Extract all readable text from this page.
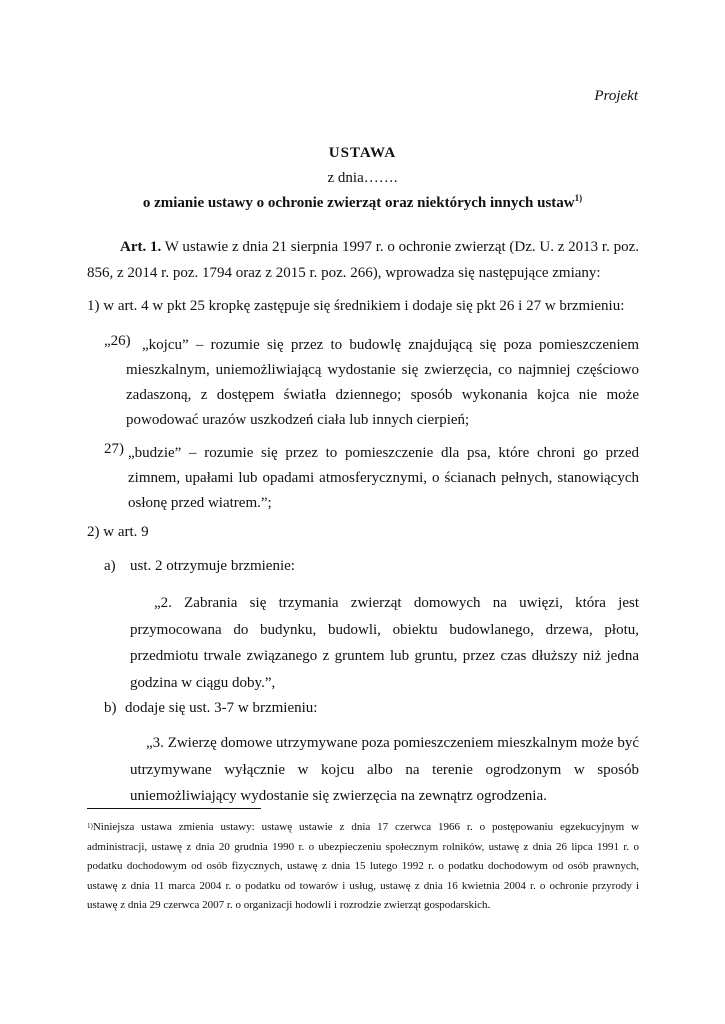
Projekt
USTAWA
z dnia…….
o zmianie ustawy o ochronie zwierząt oraz niektórych innych ustaw$^{1)}$
Art. 1. W ustawie z dnia 21 sierpnia 1997 r. o ochronie zwierząt (Dz. U. z 2013 r. poz.
856, z 2014 r. poz. 1794 oraz z 2015 r. poz. 266), wprowadza się następujące zmiany:
1) w art. 4 w pkt 25 kropkę zastępuje się średnikiem i dodaje się pkt 26 i 27 w brzmieniu:
„26) „kojcu” – rozumie się przez to budowlę znajdującą się poza pomieszczeniem mieszkalnym, uniemożliwiającą wydostanie się zwierzęcia, co najmniej częściowo zadaszoną, z dostępem światła dziennego; sposób wykonania kojca nie może powodować urazów uszkodzeń ciała lub innych cierpień;
27) „budzie” – rozumie się przez to pomieszczenie dla psa, które chroni go przed zimnem, upałami lub opadami atmosferycznymi, o ścianach pełnych, stanowiących osłonę przed wiatrem.”;
2) w art. 9
a) ust. 2 otrzymuje brzmienie:
„2. Zabrania się trzymania zwierząt domowych na uwięzi, która jest przymocowana do budynku, budowli, obiektu budowlanego, drzewa, płotu, przedmiotu trwale związanego z gruntem lub gruntu, przez czas dłuższy niż jedna godzina w ciągu doby.”,
b) dodaje się ust. 3-7 w brzmieniu:
„3. Zwierzę domowe utrzymywane poza pomieszczeniem mieszkalnym może być utrzymywane wyłącznie w kojcu albo na terenie ogrodzonym w sposób uniemożliwiający wydostanie się zwierzęcia na zewnątrz ogrodzenia.
$^{1)}$Niniejsza ustawa zmienia ustawy: ustawę ustawie z dnia 17 czerwca 1966 r. o postępowaniu egzekucyjnym w administracji, ustawę z dnia 20 grudnia 1990 r. o ubezpieczeniu społecznym rolników, ustawę z dnia 26 lipca 1991 r. o podatku dochodowym od osób fizycznych, ustawę z dnia 15 lutego 1992 r. o podatku dochodowym od osób prawnych, ustawę z dnia 11 marca 2004 r. o podatku od towarów i usług, ustawę z dnia 16 kwietnia 2004 r. o ochronie przyrody i ustawę z dnia 29 czerwca 2007 r. o organizacji hodowli i rozrodzie zwierząt gospodarskich.
